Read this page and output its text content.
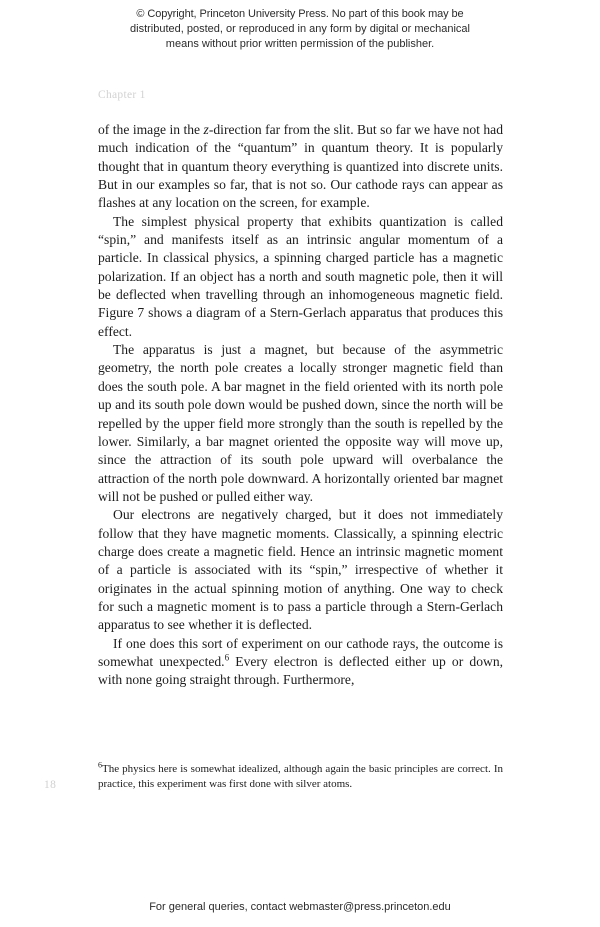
© Copyright, Princeton University Press. No part of this book may be
distributed, posted, or reproduced in any form by digital or mechanical
means without prior written permission of the publisher.
Chapter 1

of the image in the z-direction far from the slit. But so far we have not had much indication of the “quantum” in quantum theory. It is popularly thought that in quantum theory everything is quantized into discrete units. But in our examples so far, that is not so. Our cathode rays can appear as flashes at any location on the screen, for example.

The simplest physical property that exhibits quantization is called “spin,” and manifests itself as an intrinsic angular momentum of a particle. In classical physics, a spinning charged particle has a magnetic polarization. If an object has a north and south magnetic pole, then it will be deflected when travelling through an inhomogeneous magnetic field. Figure 7 shows a diagram of a Stern-Gerlach apparatus that produces this effect.

The apparatus is just a magnet, but because of the asymmetric geometry, the north pole creates a locally stronger magnetic field than does the south pole. A bar magnet in the field oriented with its north pole up and its south pole down would be pushed down, since the north will be repelled by the upper field more strongly than the south is repelled by the lower. Similarly, a bar magnet oriented the opposite way will move up, since the attraction of its south pole upward will overbalance the attraction of the north pole downward. A horizontally oriented bar magnet will not be pushed or pulled either way.

Our electrons are negatively charged, but it does not immediately follow that they have magnetic moments. Classically, a spinning electric charge does create a magnetic field. Hence an intrinsic magnetic moment of a particle is associated with its “spin,” irrespective of whether it originates in the actual spinning motion of anything. One way to check for such a magnetic moment is to pass a particle through a Stern-Gerlach apparatus to see whether it is deflected.

If one does this sort of experiment on our cathode rays, the outcome is somewhat unexpected.$^6$ Every electron is deflected either up or down, with none going straight through. Furthermore,

18
$^6$The physics here is somewhat idealized, although again the basic principles are correct. In practice, this experiment was first done with silver atoms.
For general queries, contact webmaster@press.princeton.edu
